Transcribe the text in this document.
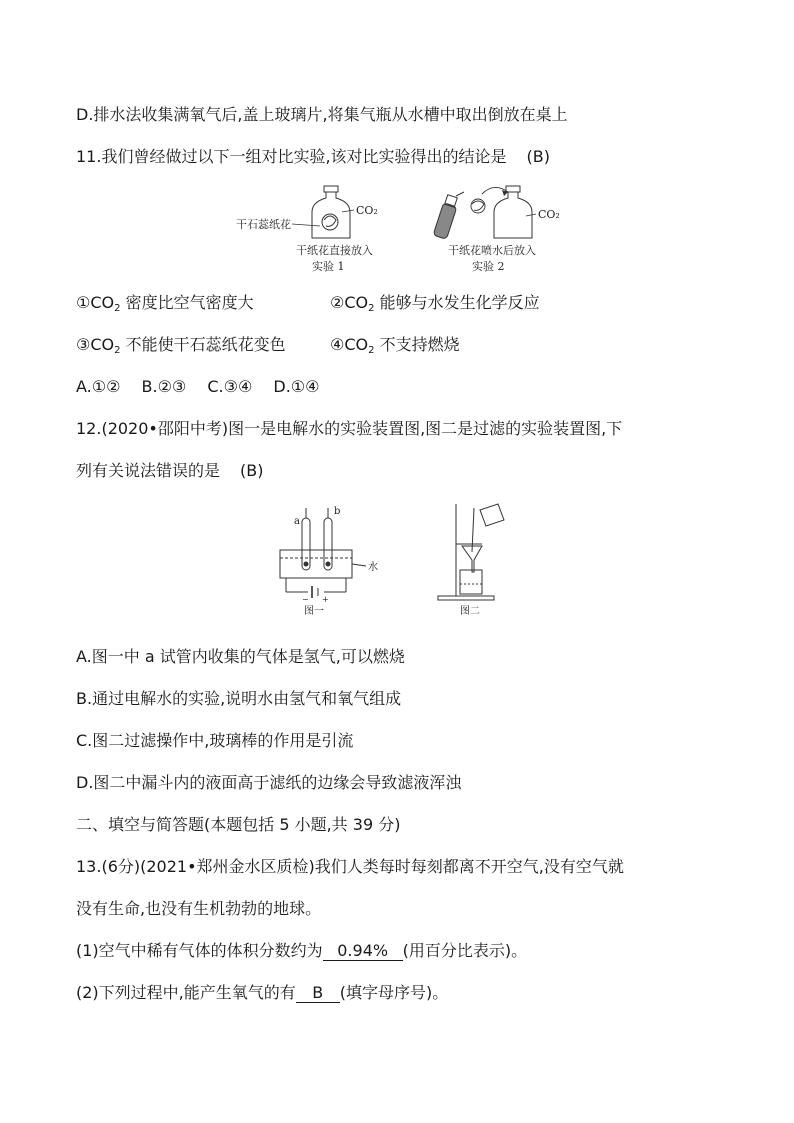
D.排水法收集满氧气后,盖上玻璃片,将集气瓶从水槽中取出倒放在桌上
11.我们曾经做过以下一组对比实验,该对比实验得出的结论是 (B)
干石蕊纸花
CO₂
干纸花直接放入
实验 1
CO₂
干纸花喷水后放入
实验 2
$①CO_2$ 密度比空气密度大	$②CO_2$ 能够与水发生化学反应
$③CO_2$ 不能使干石蕊纸花变色	$④CO_2$ 不支持燃烧
A.①②　 B.②③　 C.③④　 D.①④
12.(2020•邵阳中考)图一是电解水的实验装置图,图二是过滤的实验装置图,下
列有关说法错误的是 (B)
a
b
水
− +
图一	图二
A.图一中 a 试管内收集的气体是氢气,可以燃烧
B.通过电解水的实验,说明水由氢气和氧气组成
C.图二过滤操作中,玻璃棒的作用是引流
D.图二中漏斗内的液面高于滤纸的边缘会导致滤液浑浊
二、填空与简答题(本题包括 5 小题,共 39 分)
13.(6分)(2021•郑州金水区质检)我们人类每时每刻都离不开空气,没有空气就
没有生命,也没有生机勃勃的地球。
(1)空气中稀有气体的体积分数约为 0.94% (用百分比表示)。
(2)下列过程中,能产生氧气的有 B (填字母序号)。
